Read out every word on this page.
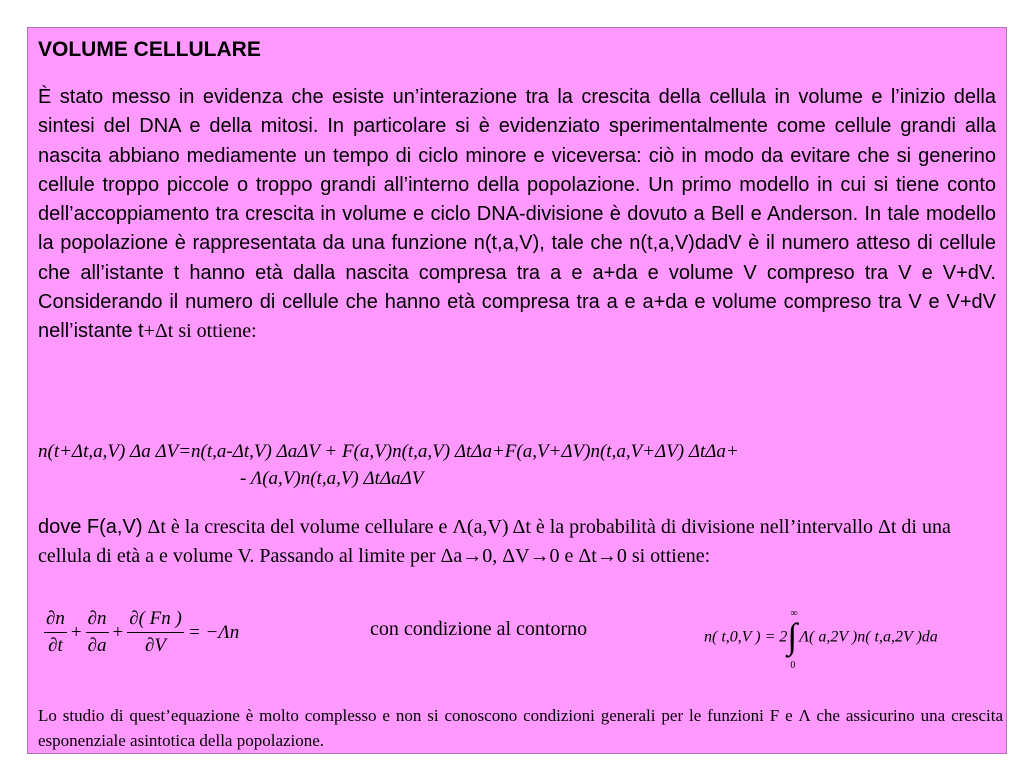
VOLUME CELLULARE
È stato messo in evidenza che esiste un’interazione tra la crescita della cellula in volume e l’inizio della sintesi del DNA e della mitosi. In particolare si è evidenziato sperimentalmente come cellule grandi alla nascita abbiano mediamente un tempo di ciclo minore e viceversa: ciò in modo da evitare che si generino cellule troppo piccole o troppo grandi all’interno della popolazione. Un primo modello in cui si tiene conto dell’accoppiamento tra crescita in volume e ciclo DNA-divisione è dovuto a Bell e Anderson. In tale modello la popolazione è rappresentata da una funzione n(t,a,V), tale che n(t,a,V)dadV è il numero atteso di cellule che all’istante t hanno età dalla nascita compresa tra a e a+da e volume V compreso tra V e V+dV. Considerando il numero di cellule che hanno età compresa tra a e a+da e volume compreso tra V e V+dV nell’istante t+Δt si ottiene:
n(t+Δt,a,V) Δa ΔV=n(t,a-Δt,V) ΔaΔV + F(a,V)n(t,a,V) ΔtΔa+F(a,V+ΔV)n(t,a,V+ΔV) ΔtΔa+
- Λ(a,V)n(t,a,V) ΔtΔaΔV
dove F(a,V) Δt è la crescita del volume cellulare e Λ(a,V) Δt è la probabilità di divisione nell’intervallo Δt di una cellula di età a e volume V. Passando al limite per Δa→0, ΔV→0 e Δt→0 si ottiene:
$\frac{\partial n}{\partial t} + \frac{\partial n}{\partial a} + \frac{\partial( Fn )}{\partial V} = -\Lambda n$	con condizione al contorno	n( t,0,V ) = 2
∞
∫
0
Λ( a,2V )n( t,a,2V )da
Lo studio di quest’equazione è molto complesso e non si conoscono condizioni generali per le funzioni F e Λ che assicurino una crescita esponenziale asintotica della popolazione.
